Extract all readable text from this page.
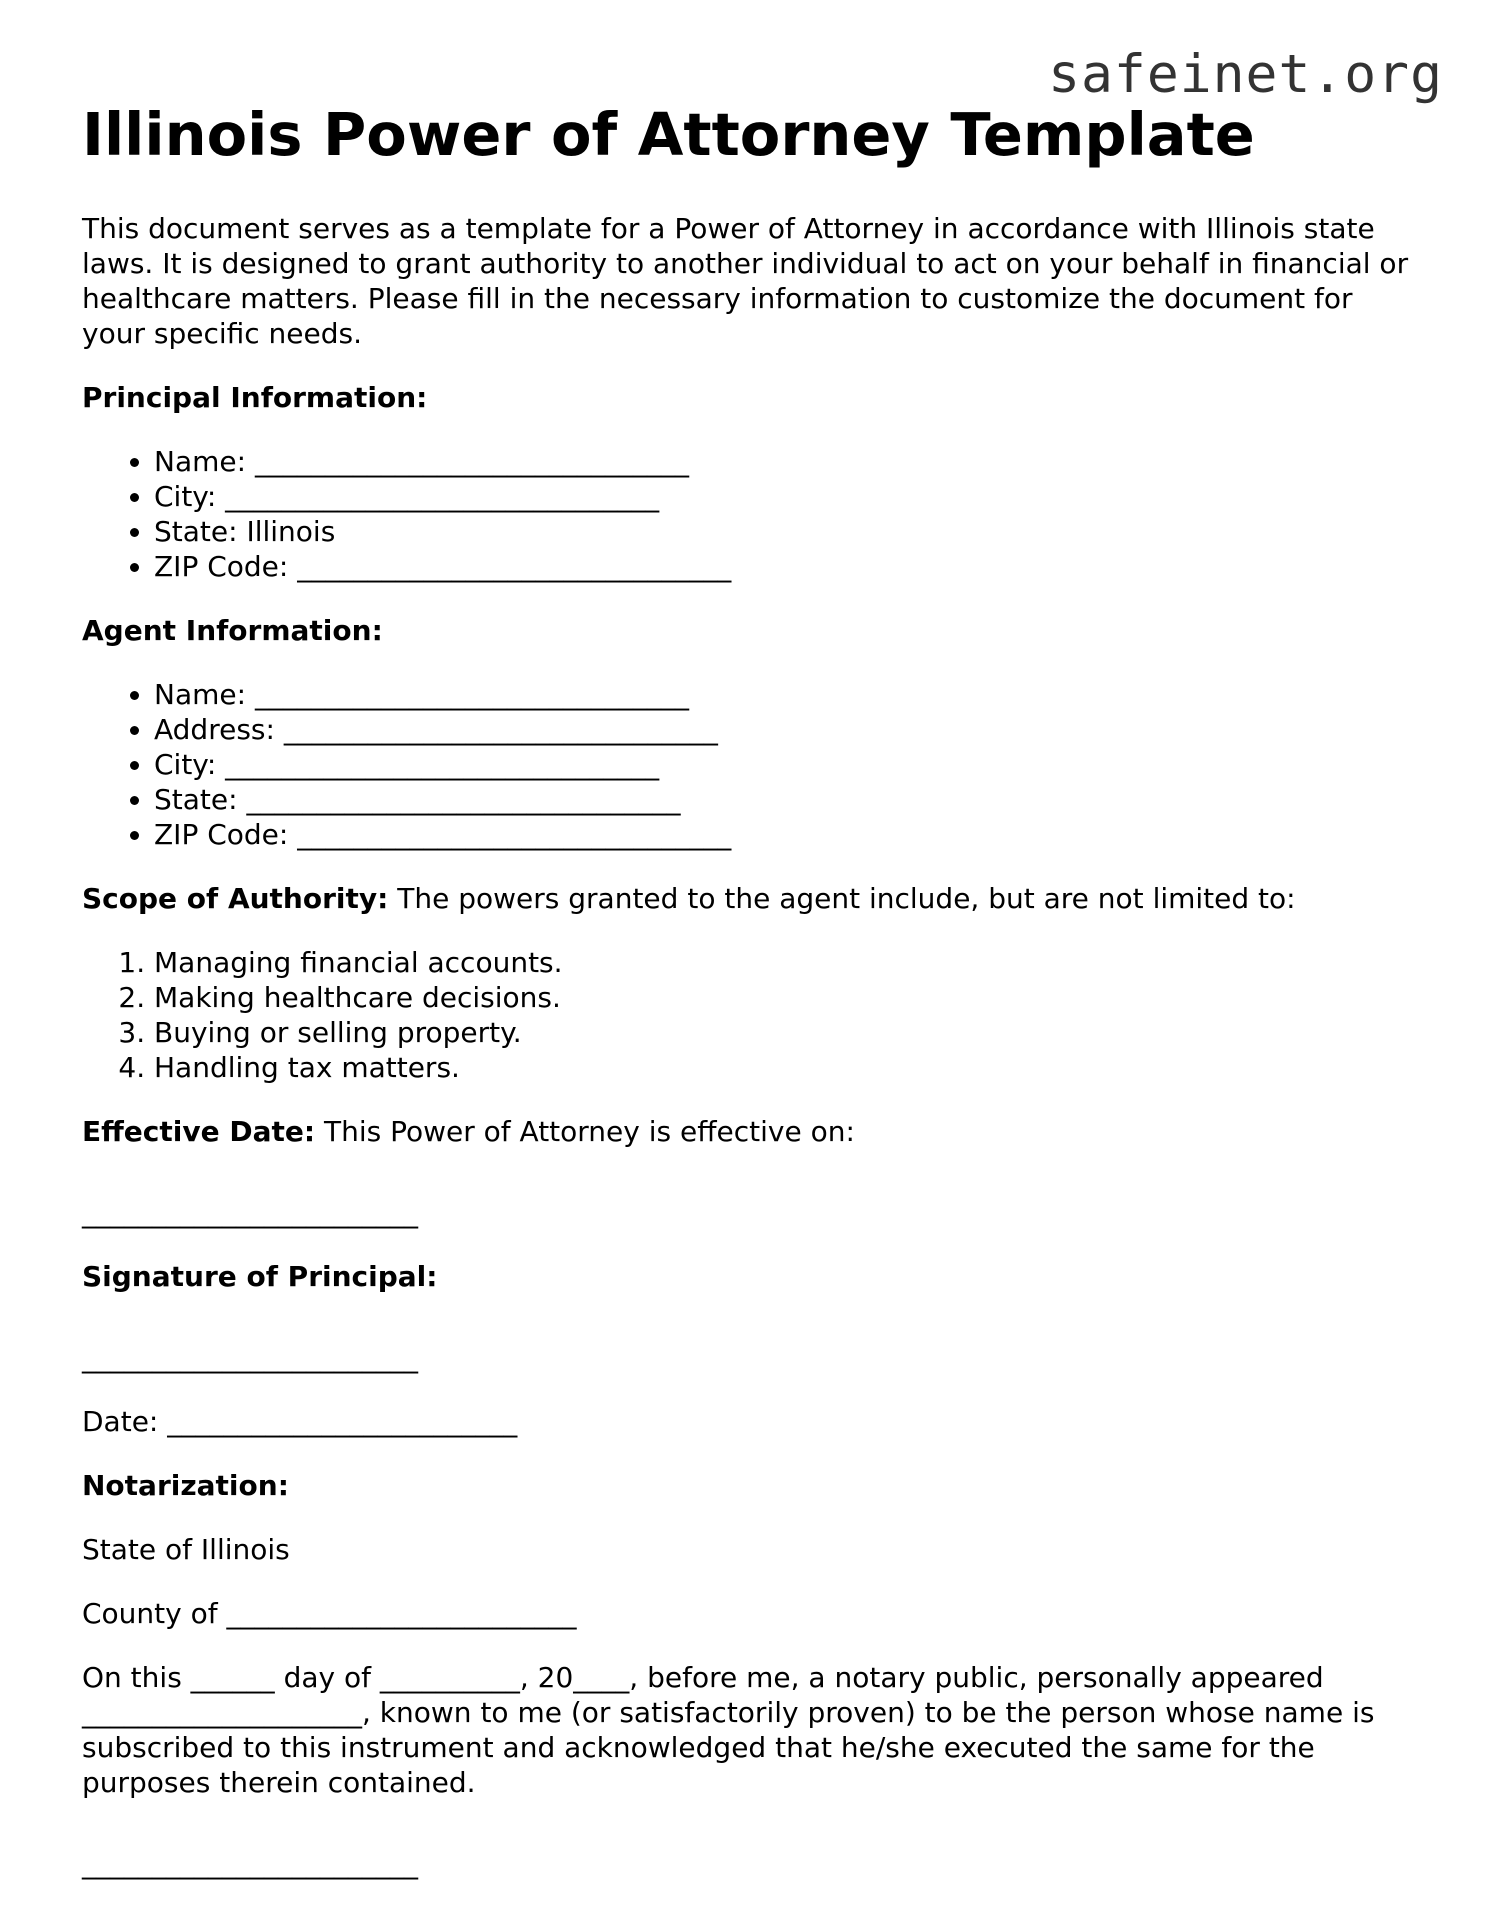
safeinet.org
Illinois Power of Attorney Template

This document serves as a template for a Power of Attorney in accordance with Illinois state laws. It is designed to grant authority to another individual to act on your behalf in financial or healthcare matters. Please fill in the necessary information to customize the document for your specific needs.

Principal Information:

• Name: _______________________________
• City: _______________________________
• State: Illinois
• ZIP Code: _______________________________

Agent Information:

• Name: _______________________________
• Address: _______________________________
• City: _______________________________
• State: _______________________________
• ZIP Code: _______________________________

Scope of Authority: The powers granted to the agent include, but are not limited to:

1. Managing financial accounts.
2. Making healthcare decisions.
3. Buying or selling property.
4. Handling tax matters.

Effective Date: This Power of Attorney is effective on:

________________________

Signature of Principal:

________________________

Date: _________________________

Notarization:

State of Illinois

County of _________________________

On this ______ day of __________, 20____, before me, a notary public, personally appeared ____________________, known to me (or satisfactorily proven) to be the person whose name is subscribed to this instrument and acknowledged that he/she executed the same for the purposes therein contained.

________________________
